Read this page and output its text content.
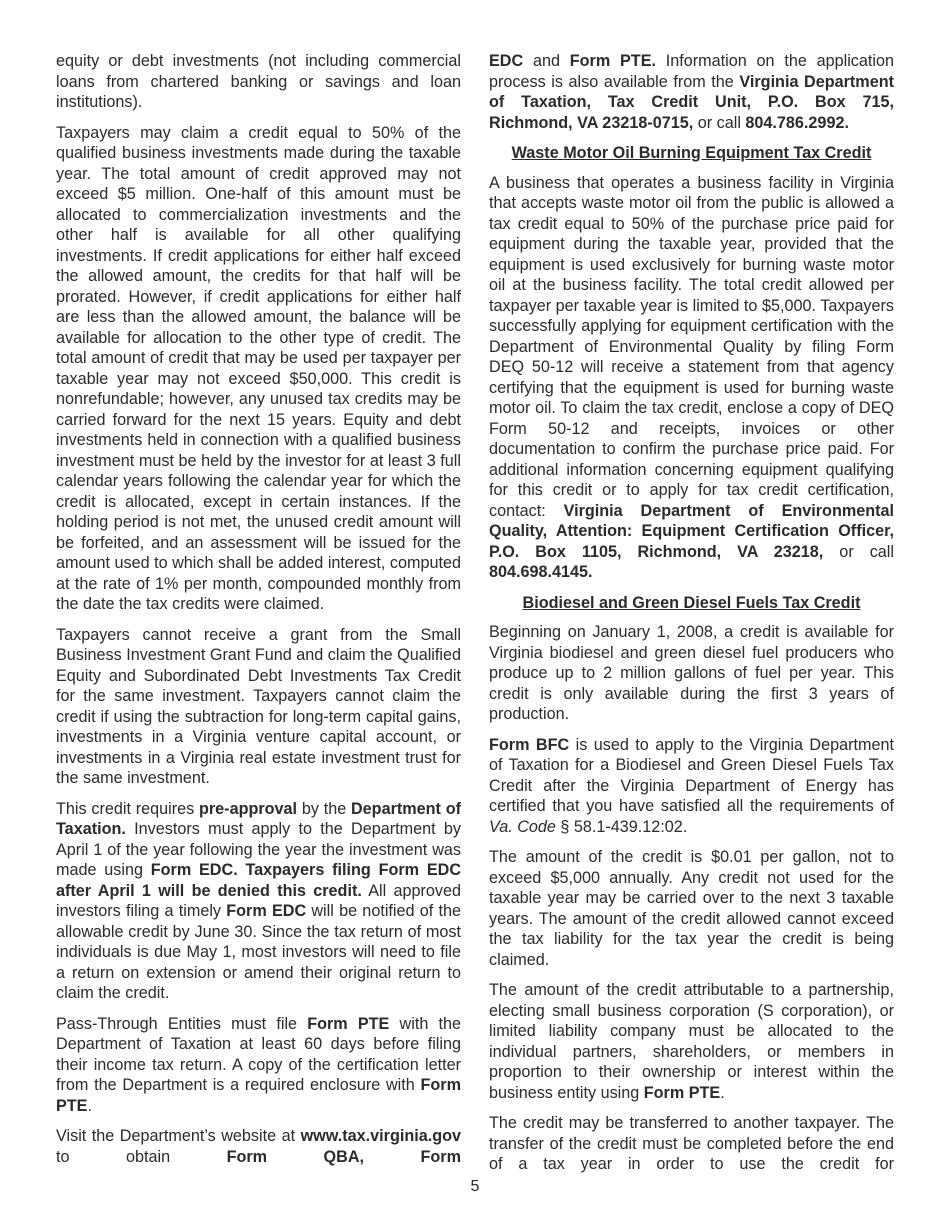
equity or debt investments (not including commercial loans from chartered banking or savings and loan institutions).

Taxpayers may claim a credit equal to 50% of the qualified business investments made during the taxable year. The total amount of credit approved may not exceed $5 million. One-half of this amount must be allocated to commercialization investments and the other half is available for all other qualifying investments. If credit applications for either half exceed the allowed amount, the credits for that half will be prorated. However, if credit applications for either half are less than the allowed amount, the balance will be available for allocation to the other type of credit. The total amount of credit that may be used per taxpayer per taxable year may not exceed $50,000. This credit is nonrefundable; however, any unused tax credits may be carried forward for the next 15 years. Equity and debt investments held in connection with a qualified business investment must be held by the investor for at least 3 full calendar years following the calendar year for which the credit is allocated, except in certain instances. If the holding period is not met, the unused credit amount will be forfeited, and an assessment will be issued for the amount used to which shall be added interest, computed at the rate of 1% per month, compounded monthly from the date the tax credits were claimed.

Taxpayers cannot receive a grant from the Small Business Investment Grant Fund and claim the Qualified Equity and Subordinated Debt Investments Tax Credit for the same investment. Taxpayers cannot claim the credit if using the subtraction for long-term capital gains, investments in a Virginia venture capital account, or investments in a Virginia real estate investment trust for the same investment.

This credit requires pre-approval by the Department of Taxation. Investors must apply to the Department by April 1 of the year following the year the investment was made using Form EDC. Taxpayers filing Form EDC after April 1 will be denied this credit. All approved investors filing a timely Form EDC will be notified of the allowable credit by June 30. Since the tax return of most individuals is due May 1, most investors will need to file a return on extension or amend their original return to claim the credit.

Pass-Through Entities must file Form PTE with the Department of Taxation at least 60 days before filing their income tax return. A copy of the certification letter from the Department is a required enclosure with Form PTE.

Visit the Department’s website at www.tax.virginia.gov to obtain Form QBA, Form

EDC and Form PTE. Information on the application process is also available from the Virginia Department of Taxation, Tax Credit Unit, P.O. Box 715, Richmond, VA 23218-0715, or call 804.786.2992.

Waste Motor Oil Burning Equipment Tax Credit

A business that operates a business facility in Virginia that accepts waste motor oil from the public is allowed a tax credit equal to 50% of the purchase price paid for equipment during the taxable year, provided that the equipment is used exclusively for burning waste motor oil at the business facility. The total credit allowed per taxpayer per taxable year is limited to $5,000. Taxpayers successfully applying for equipment certification with the Department of Environmental Quality by filing Form DEQ 50-12 will receive a statement from that agency certifying that the equipment is used for burning waste motor oil. To claim the tax credit, enclose a copy of DEQ Form 50-12 and receipts, invoices or other documentation to confirm the purchase price paid. For additional information concerning equipment qualifying for this credit or to apply for tax credit certification, contact: Virginia Department of Environmental Quality, Attention: Equipment Certification Officer, P.O. Box 1105, Richmond, VA 23218, or call 804.698.4145.

Biodiesel and Green Diesel Fuels Tax Credit

Beginning on January 1, 2008, a credit is available for Virginia biodiesel and green diesel fuel producers who produce up to 2 million gallons of fuel per year. This credit is only available during the first 3 years of production.

Form BFC is used to apply to the Virginia Department of Taxation for a Biodiesel and Green Diesel Fuels Tax Credit after the Virginia Department of Energy has certified that you have satisfied all the requirements of Va. Code § 58.1-439.12:02.

The amount of the credit is $0.01 per gallon, not to exceed $5,000 annually. Any credit not used for the taxable year may be carried over to the next 3 taxable years. The amount of the credit allowed cannot exceed the tax liability for the tax year the credit is being claimed.

The amount of the credit attributable to a partnership, electing small business corporation (S corporation), or limited liability company must be allocated to the individual partners, shareholders, or members in proportion to their ownership or interest within the business entity using Form PTE.

The credit may be transferred to another taxpayer. The transfer of the credit must be completed before the end of a tax year in order to use the credit for

5
